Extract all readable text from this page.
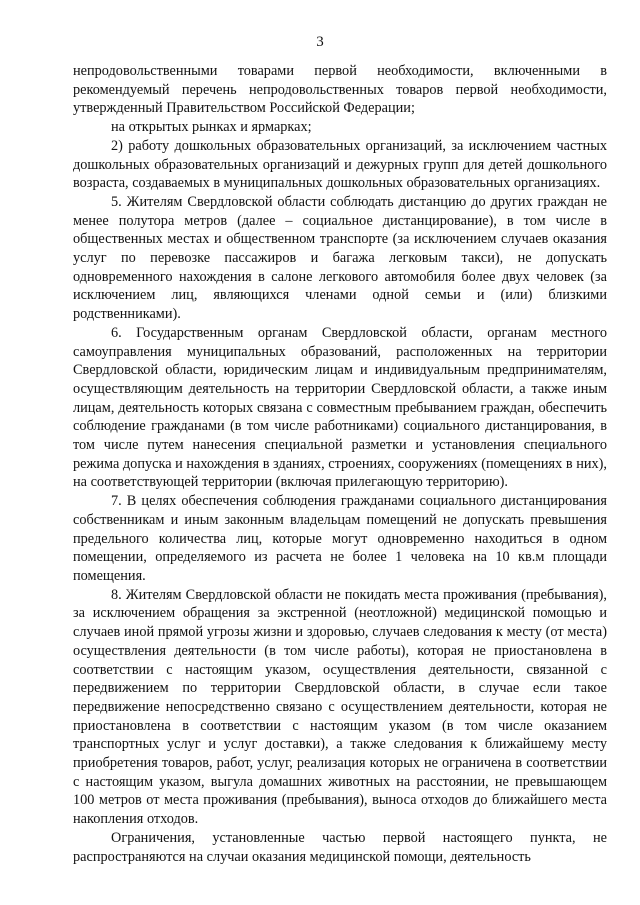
3

непродовольственными товарами первой необходимости, включенными в рекомендуемый перечень непродовольственных товаров первой необходимости, утвержденный Правительством Российской Федерации;

на открытых рынках и ярмарках;

2) работу дошкольных образовательных организаций, за исключением частных дошкольных образовательных организаций и дежурных групп для детей дошкольного возраста, создаваемых в муниципальных дошкольных образовательных организациях.

5. Жителям Свердловской области соблюдать дистанцию до других граждан не менее полутора метров (далее – социальное дистанцирование), в том числе в общественных местах и общественном транспорте (за исключением случаев оказания услуг по перевозке пассажиров и багажа легковым такси), не допускать одновременного нахождения в салоне легкового автомобиля более двух человек (за исключением лиц, являющихся членами одной семьи и (или) близкими родственниками).

6. Государственным органам Свердловской области, органам местного самоуправления муниципальных образований, расположенных на территории Свердловской области, юридическим лицам и индивидуальным предпринимателям, осуществляющим деятельность на территории Свердловской области, а также иным лицам, деятельность которых связана с совместным пребыванием граждан, обеспечить соблюдение гражданами (в том числе работниками) социального дистанцирования, в том числе путем нанесения специальной разметки и установления специального режима допуска и нахождения в зданиях, строениях, сооружениях (помещениях в них), на соответствующей территории (включая прилегающую территорию).

7. В целях обеспечения соблюдения гражданами социального дистанцирования собственникам и иным законным владельцам помещений не допускать превышения предельного количества лиц, которые могут одновременно находиться в одном помещении, определяемого из расчета не более 1 человека на 10 кв.м площади помещения.

8. Жителям Свердловской области не покидать места проживания (пребывания), за исключением обращения за экстренной (неотложной) медицинской помощью и случаев иной прямой угрозы жизни и здоровью, случаев следования к месту (от места) осуществления деятельности (в том числе работы), которая не приостановлена в соответствии с настоящим указом, осуществления деятельности, связанной с передвижением по территории Свердловской области, в случае если такое передвижение непосредственно связано с осуществлением деятельности, которая не приостановлена в соответствии с настоящим указом (в том числе оказанием транспортных услуг и услуг доставки), а также следования к ближайшему месту приобретения товаров, работ, услуг, реализация которых не ограничена в соответствии с настоящим указом, выгула домашних животных на расстоянии, не превышающем 100 метров от места проживания (пребывания), выноса отходов до ближайшего места накопления отходов.

Ограничения, установленные частью первой настоящего пункта, не распространяются на случаи оказания медицинской помощи, деятельность
